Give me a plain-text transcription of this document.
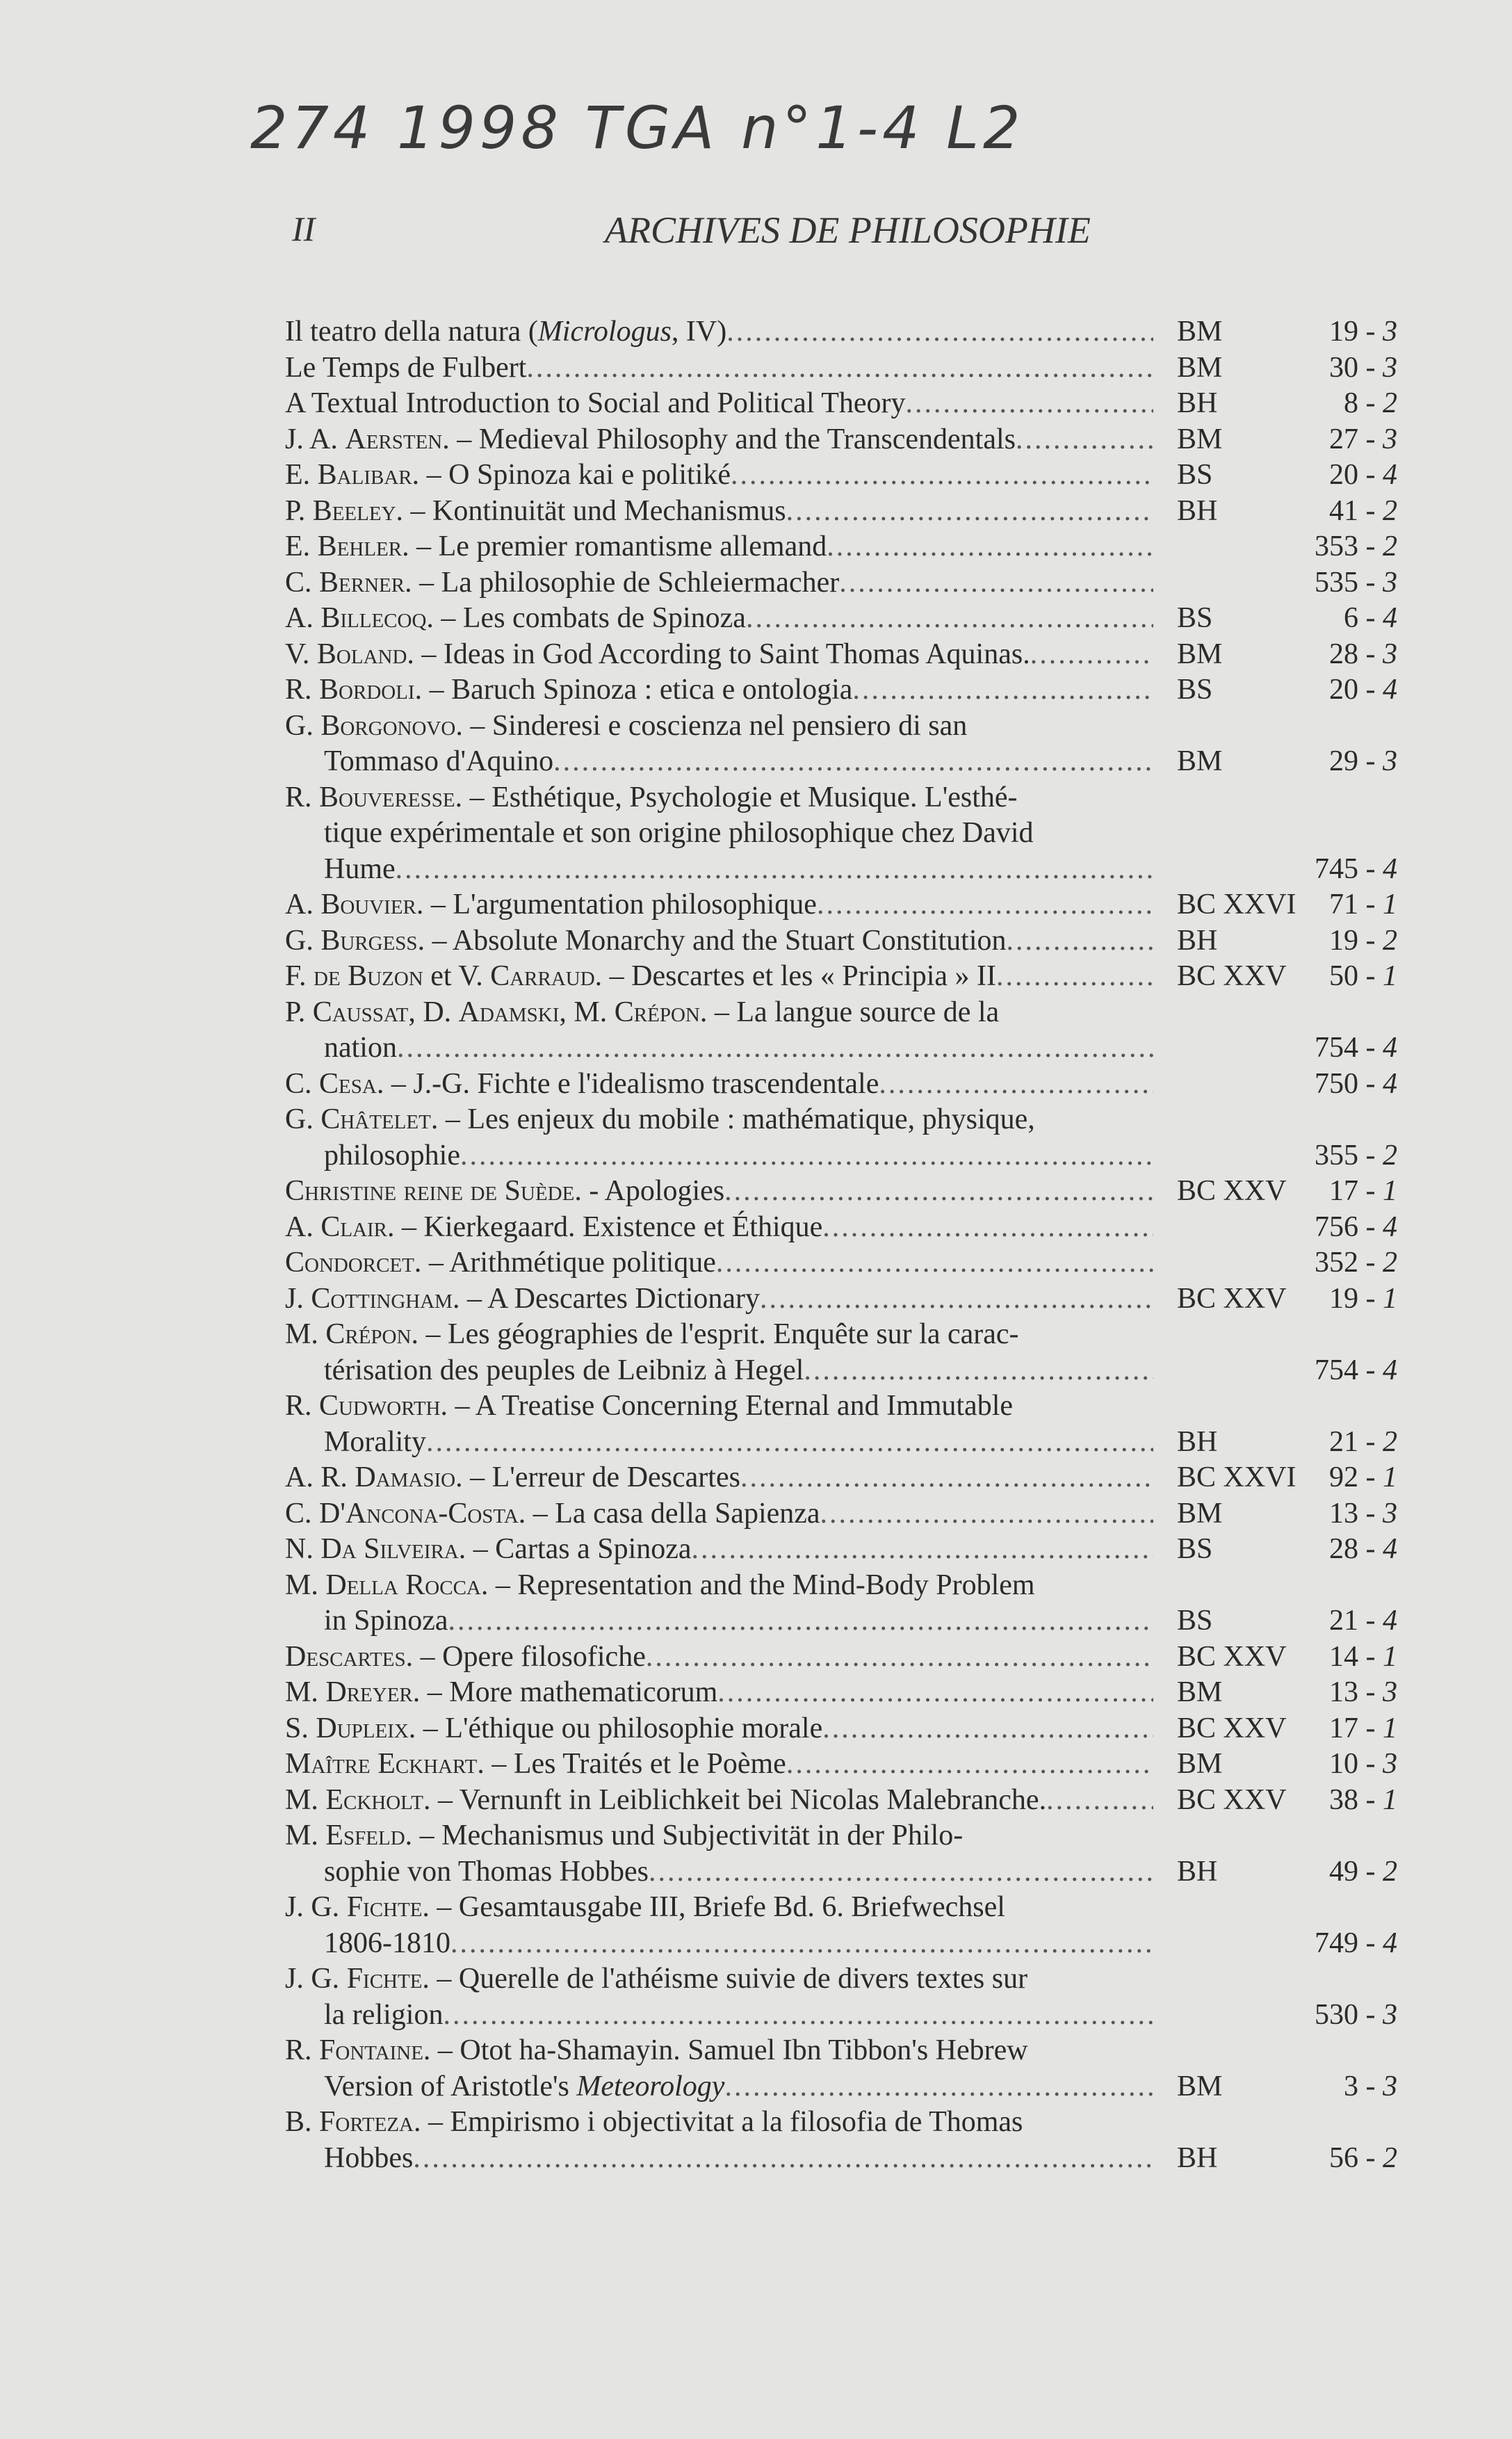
274 1998 TGA n°1-4 L2
II	ARCHIVES DE PHILOSOPHIE
Il teatro della natura (Micrologus, IV) .....	BM	19 - 3
Le Temps de Fulbert .....	BM	30 - 3
A Textual Introduction to Social and Political Theory .....	BH	8 - 2
J. A. Aersten. – Medieval Philosophy and the Transcendentals .....	BM	27 - 3
E. Balibar. – O Spinoza kai e politiké .....	BS	20 - 4
P. Beeley. – Kontinuität und Mechanismus .....	BH	41 - 2
E. Behler. – Le premier romantisme allemand .....	353 - 2
C. Berner. – La philosophie de Schleiermacher .....	535 - 3
A. Billecoq. – Les combats de Spinoza .....	BS	6 - 4
V. Boland. – Ideas in God According to Saint Thomas Aquinas. .....	BM	28 - 3
R. Bordoli. – Baruch Spinoza : etica e ontologia .....	BS	20 - 4
G. Borgonovo. – Sinderesi e coscienza nel pensiero di san
Tommaso d'Aquino .....	BM	29 - 3
R. Bouveresse. – Esthétique, Psychologie et Musique. L'esthé-
tique expérimentale et son origine philosophique chez David
Hume .....	745 - 4
A. Bouvier. – L'argumentation philosophique .....	BC XXVI	71 - 1
G. Burgess. – Absolute Monarchy and the Stuart Constitution .....	BH	19 - 2
F. de Buzon et V. Carraud. – Descartes et les « Principia » II .....	BC XXV	50 - 1
P. Caussat, D. Adamski, M. Crépon. – La langue source de la
nation .....	754 - 4
C. Cesa. – J.-G. Fichte e l'idealismo trascendentale .....	750 - 4
G. Châtelet. – Les enjeux du mobile : mathématique, physique,
philosophie .....	355 - 2
Christine reine de Suède. - Apologies .....	BC XXV	17 - 1
A. Clair. – Kierkegaard. Existence et Éthique .....	756 - 4
Condorcet. – Arithmétique politique .....	352 - 2
J. Cottingham. – A Descartes Dictionary .....	BC XXV	19 - 1
M. Crépon. – Les géographies de l'esprit. Enquête sur la carac-
térisation des peuples de Leibniz à Hegel .....	754 - 4
R. Cudworth. – A Treatise Concerning Eternal and Immutable
Morality .....	BH	21 - 2
A. R. Damasio. – L'erreur de Descartes .....	BC XXVI	92 - 1
C. D'Ancona-Costa. – La casa della Sapienza .....	BM	13 - 3
N. Da Silveira. – Cartas a Spinoza .....	BS	28 - 4
M. Della Rocca. – Representation and the Mind-Body Problem
in Spinoza .....	BS	21 - 4
Descartes. – Opere filosofiche .....	BC XXV	14 - 1
M. Dreyer. – More mathematicorum .....	BM	13 - 3
S. Dupleix. – L'éthique ou philosophie morale .....	BC XXV	17 - 1
Maître Eckhart. – Les Traités et le Poème .....	BM	10 - 3
M. Eckholt. – Vernunft in Leiblichkeit bei Nicolas Malebranche. .....	BC XXV	38 - 1
M. Esfeld. – Mechanismus und Subjectivität in der Philo-
sophie von Thomas Hobbes .....	BH	49 - 2
J. G. Fichte. – Gesamtausgabe III, Briefe Bd. 6. Briefwechsel
1806-1810 .....	749 - 4
J. G. Fichte. – Querelle de l'athéisme suivie de divers textes sur
la religion .....	530 - 3
R. Fontaine. – Otot ha-Shamayin. Samuel Ibn Tibbon's Hebrew
Version of Aristotle's Meteorology .....	BM	3 - 3
B. Forteza. – Empirismo i objectivitat a la filosofia de Thomas
Hobbes .....	BH	56 - 2
